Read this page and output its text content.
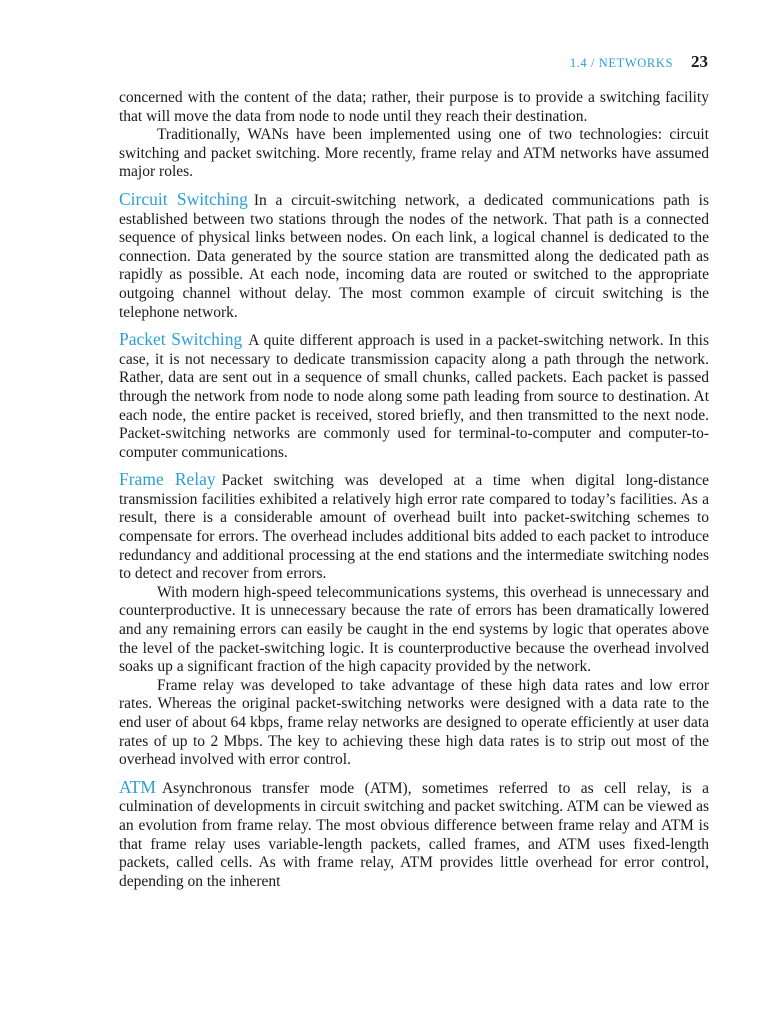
1.4 / NETWORKS 23

concerned with the content of the data; rather, their purpose is to provide a switching facility that will move the data from node to node until they reach their destination.

Traditionally, WANs have been implemented using one of two technologies: circuit switching and packet switching. More recently, frame relay and ATM networks have assumed major roles.

Circuit Switching In a circuit-switching network, a dedicated communications path is established between two stations through the nodes of the network. That path is a connected sequence of physical links between nodes. On each link, a logical channel is dedicated to the connection. Data generated by the source station are transmitted along the dedicated path as rapidly as possible. At each node, incoming data are routed or switched to the appropriate outgoing channel without delay. The most common example of circuit switching is the telephone network.

Packet Switching A quite different approach is used in a packet-switching network. In this case, it is not necessary to dedicate transmission capacity along a path through the network. Rather, data are sent out in a sequence of small chunks, called packets. Each packet is passed through the network from node to node along some path leading from source to destination. At each node, the entire packet is received, stored briefly, and then transmitted to the next node. Packet-switching networks are commonly used for terminal-to-computer and computer-to-computer communications.

Frame Relay Packet switching was developed at a time when digital long-distance transmission facilities exhibited a relatively high error rate compared to today’s facilities. As a result, there is a considerable amount of overhead built into packet-switching schemes to compensate for errors. The overhead includes additional bits added to each packet to introduce redundancy and additional processing at the end stations and the intermediate switching nodes to detect and recover from errors.

With modern high-speed telecommunications systems, this overhead is unnecessary and counterproductive. It is unnecessary because the rate of errors has been dramatically lowered and any remaining errors can easily be caught in the end systems by logic that operates above the level of the packet-switching logic. It is counterproductive because the overhead involved soaks up a significant fraction of the high capacity provided by the network.

Frame relay was developed to take advantage of these high data rates and low error rates. Whereas the original packet-switching networks were designed with a data rate to the end user of about 64 kbps, frame relay networks are designed to operate efficiently at user data rates of up to 2 Mbps. The key to achieving these high data rates is to strip out most of the overhead involved with error control.

ATM Asynchronous transfer mode (ATM), sometimes referred to as cell relay, is a culmination of developments in circuit switching and packet switching. ATM can be viewed as an evolution from frame relay. The most obvious difference between frame relay and ATM is that frame relay uses variable-length packets, called frames, and ATM uses fixed-length packets, called cells. As with frame relay, ATM provides little overhead for error control, depending on the inherent
